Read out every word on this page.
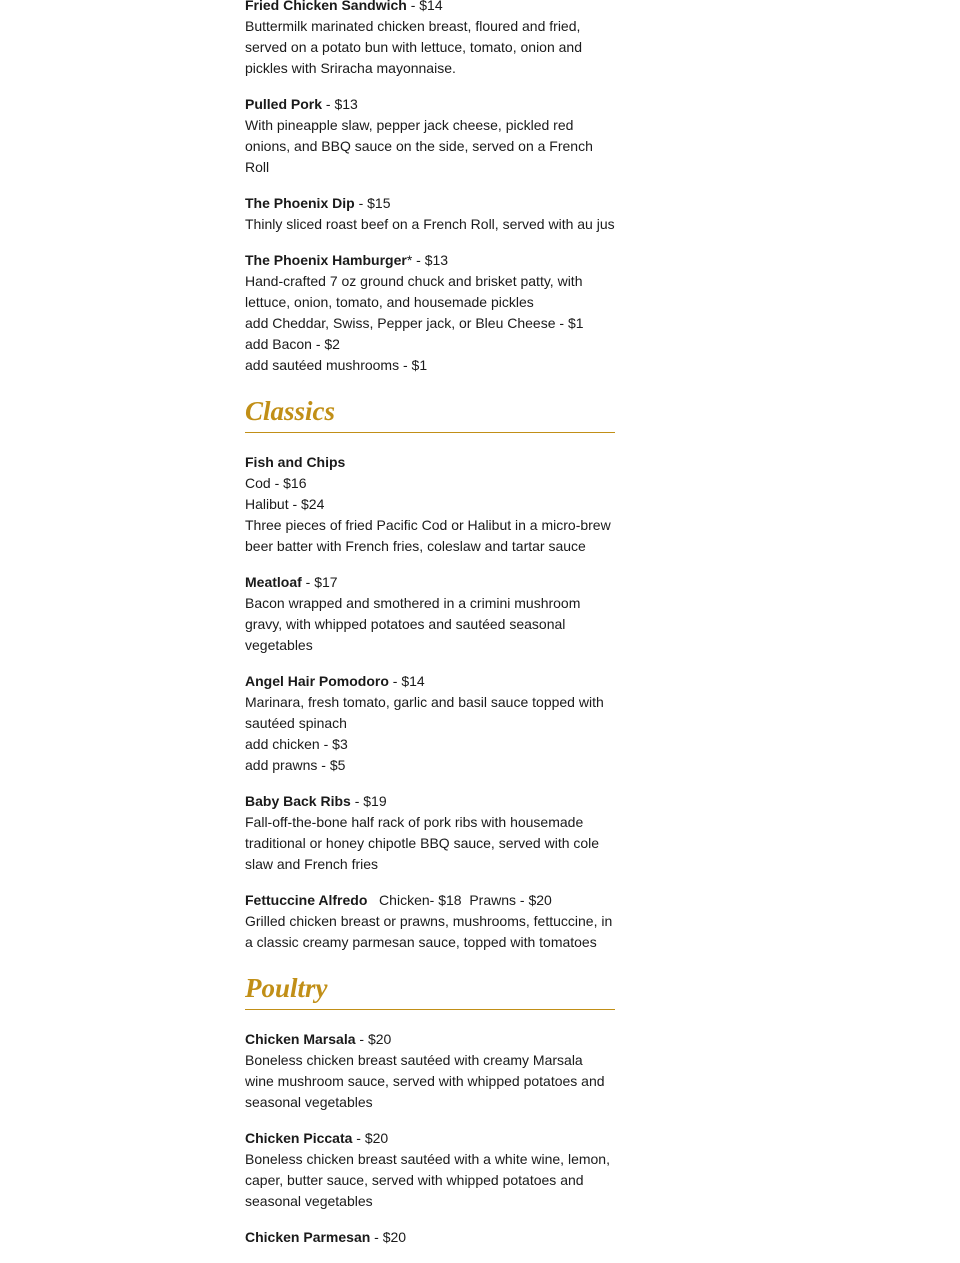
Fried Chicken Sandwich - $14

Buttermilk marinated chicken breast, floured and fried, served on a potato bun with lettuce, tomato, onion and pickles with Sriracha mayonnaise.

Pulled Pork - $13

With pineapple slaw, pepper jack cheese, pickled red onions, and BBQ sauce on the side, served on a French Roll

The Phoenix Dip - $15

Thinly sliced roast beef on a French Roll, served with au jus

The Phoenix Hamburger* - $13

Hand-crafted 7 oz ground chuck and brisket patty, with lettuce, onion, tomato, and housemade pickles

add Cheddar, Swiss, Pepper jack, or Bleu Cheese - $1

add Bacon - $2

add sautéed mushrooms - $1

Classics

Fish and Chips

Cod - $16

Halibut - $24

Three pieces of fried Pacific Cod or Halibut in a micro-brew beer batter with French fries, coleslaw and tartar sauce

Meatloaf - $17

Bacon wrapped and smothered in a crimini mushroom gravy, with whipped potatoes and sautéed seasonal vegetables

Angel Hair Pomodoro - $14

Marinara, fresh tomato, garlic and basil sauce topped with sautéed spinach

add chicken - $3

add prawns - $5

Baby Back Ribs - $19

Fall-off-the-bone half rack of pork ribs with housemade traditional or honey chipotle BBQ sauce, served with cole slaw and French fries

Fettuccine Alfredo   Chicken- $18  Prawns - $20

Grilled chicken breast or prawns, mushrooms, fettuccine, in a classic creamy parmesan sauce, topped with tomatoes

Poultry

Chicken Marsala - $20

Boneless chicken breast sautéed with creamy Marsala wine mushroom sauce, served with whipped potatoes and seasonal vegetables

Chicken Piccata - $20

Boneless chicken breast sautéed with a white wine, lemon, caper, butter sauce, served with whipped potatoes and seasonal vegetables

Chicken Parmesan - $20
